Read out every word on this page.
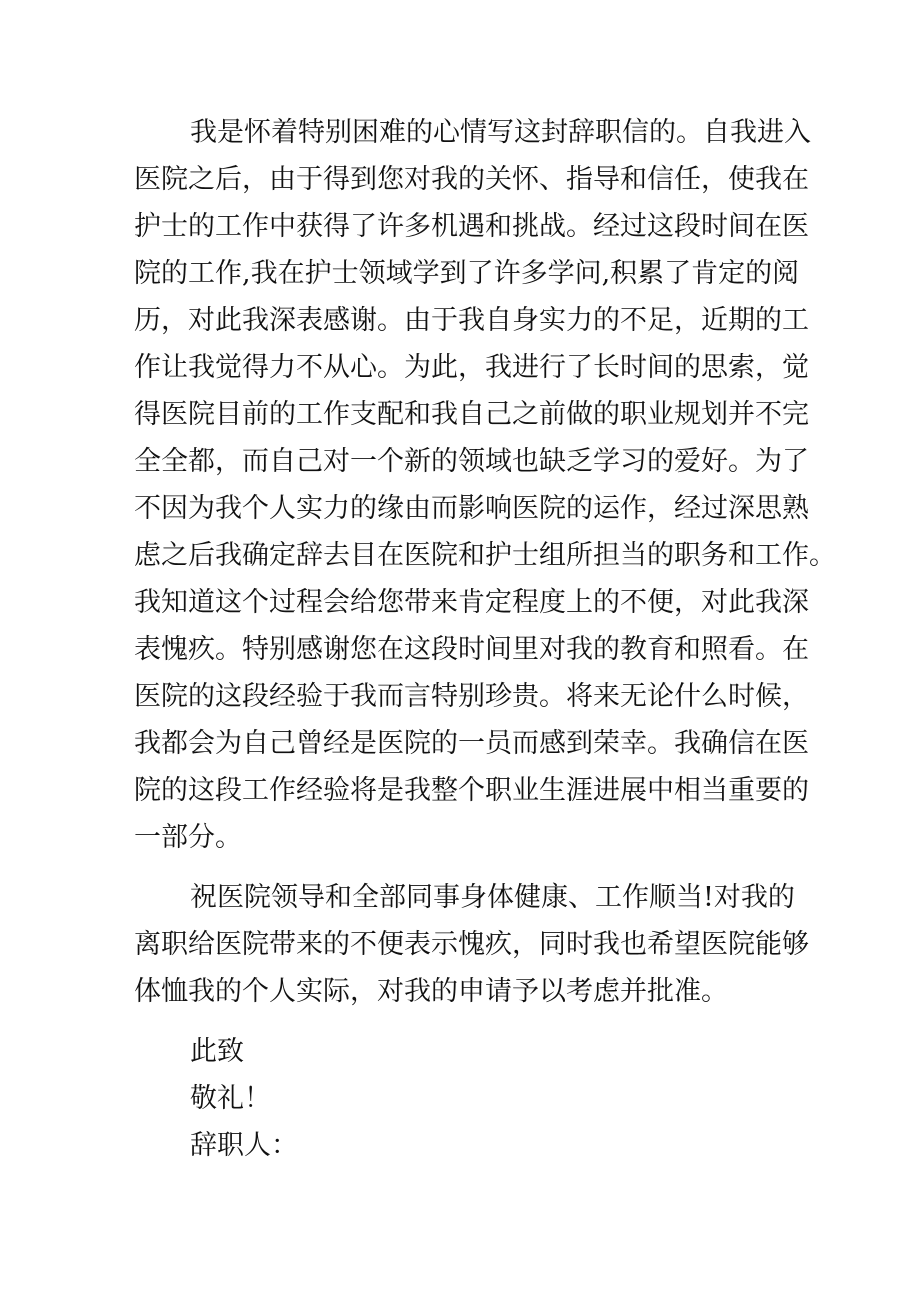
我是怀着特别困难的心情写这封辞职信的。自我进入
医院之后，由于得到您对我的关怀、指导和信任，使我在
护士的工作中获得了许多机遇和挑战。经过这段时间在医
院的工作,我在护士领域学到了许多学问,积累了肯定的阅
历，对此我深表感谢。由于我自身实力的不足，近期的工
作让我觉得力不从心。为此，我进行了长时间的思索，觉
得医院目前的工作支配和我自己之前做的职业规划并不完
全全都，而自己对一个新的领域也缺乏学习的爱好。为了
不因为我个人实力的缘由而影响医院的运作，经过深思熟
虑之后我确定辞去目在医院和护士组所担当的职务和工作。
我知道这个过程会给您带来肯定程度上的不便，对此我深
表愧疚。特别感谢您在这段时间里对我的教育和照看。在
医院的这段经验于我而言特别珍贵。将来无论什么时候，
我都会为自己曾经是医院的一员而感到荣幸。我确信在医
院的这段工作经验将是我整个职业生涯进展中相当重要的
一部分。
祝医院领导和全部同事身体健康、工作顺当!对我的
离职给医院带来的不便表示愧疚，同时我也希望医院能够
体恤我的个人实际，对我的申请予以考虑并批准。
此致
敬礼！
辞职人：
